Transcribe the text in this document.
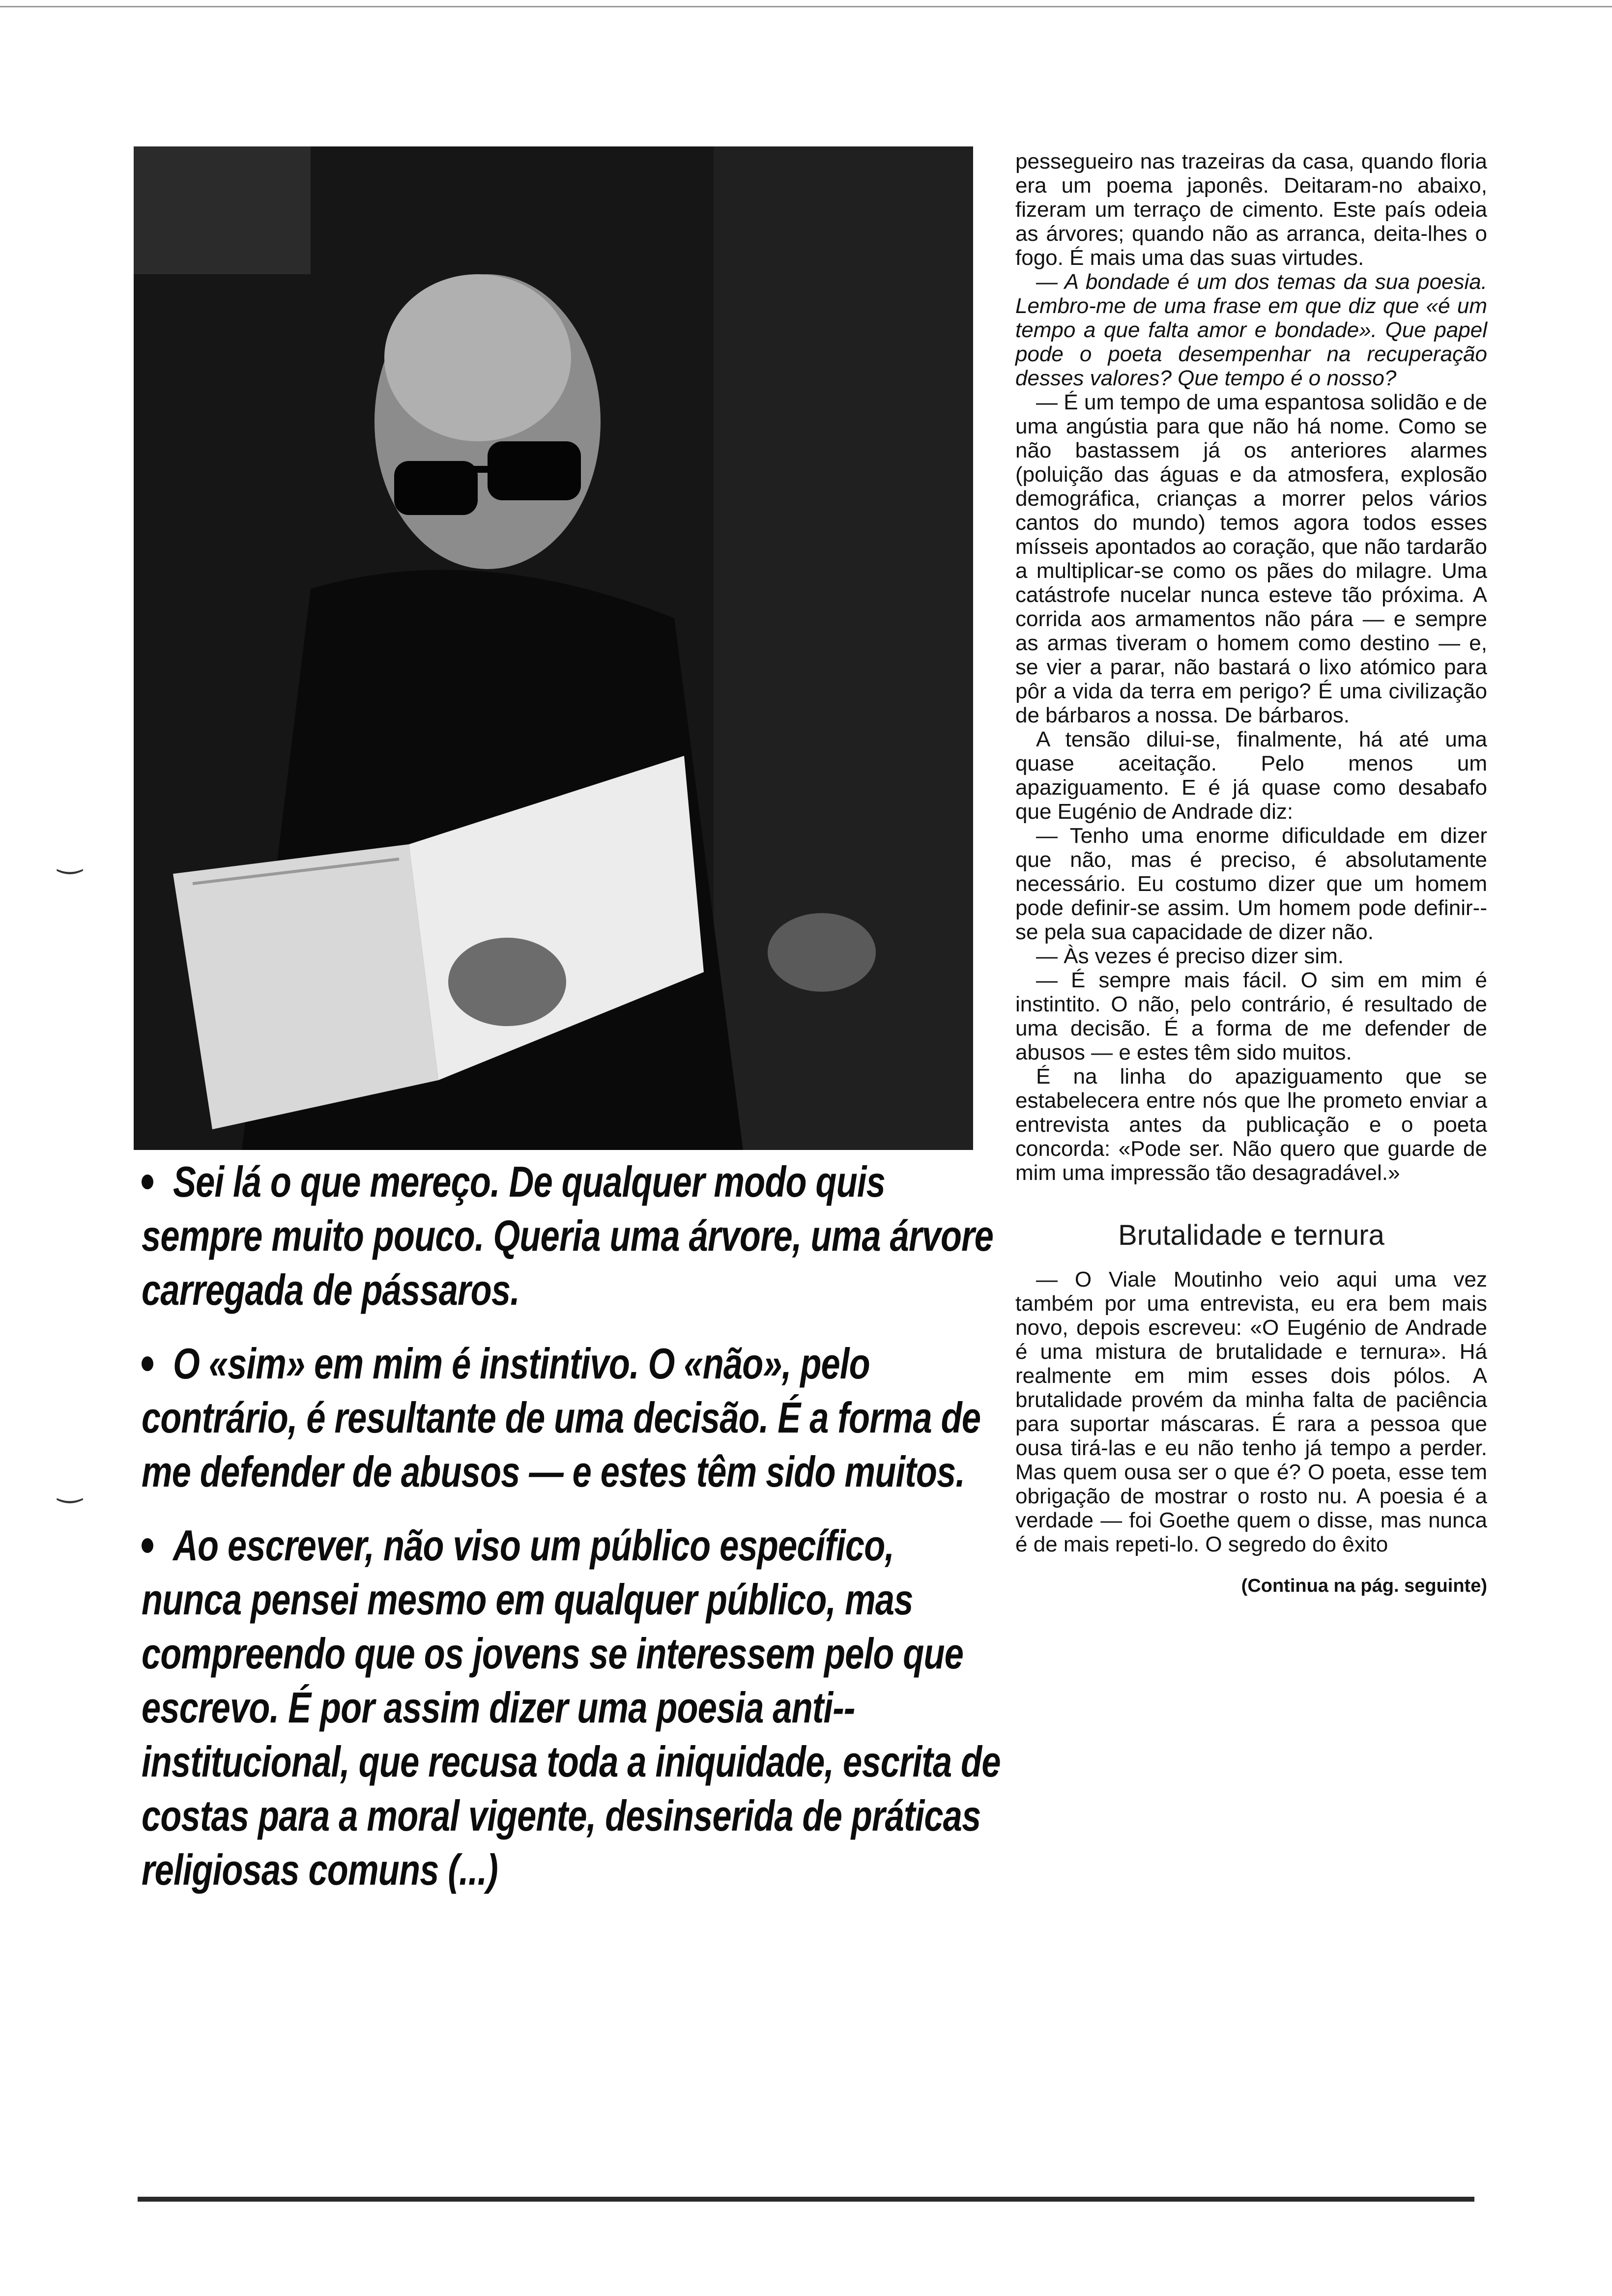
Sei lá o que mereço. De qualquer modo quis sempre muito pouco. Queria uma árvore, uma árvore carregada de pássaros.

O «sim» em mim é instintivo. O «não», pelo contrário, é resultante de uma decisão. É a forma de me defender de abusos — e estes têm sido muitos.

Ao escrever, não viso um público específico, nunca pensei mesmo em qualquer público, mas compreendo que os jovens se interessem pelo que escrevo. É por assim dizer uma poesia anti--institucional, que recusa toda a iniquidade, escrita de costas para a moral vigente, desinserida de práticas religiosas comuns (...)

pessegueiro nas trazeiras da casa, quando floria era um poema japonês. Deitaram-no abaixo, fizeram um terraço de cimento. Este país odeia as árvores; quando não as arranca, deita-lhes o fogo. É mais uma das suas virtudes.

— A bondade é um dos temas da sua poesia. Lembro-me de uma frase em que diz que «é um tempo a que falta amor e bondade». Que papel pode o poeta desempenhar na recuperação desses valores? Que tempo é o nosso?

— É um tempo de uma espantosa solidão e de uma angústia para que não há nome. Como se não bastassem já os anteriores alarmes (poluição das águas e da atmosfera, explosão demográfica, crianças a morrer pelos vários cantos do mundo) temos agora todos esses mísseis apontados ao coração, que não tardarão a multiplicar-se como os pães do milagre. Uma catástrofe nucelar nunca esteve tão próxima. A corrida aos armamentos não pára — e sempre as armas tiveram o homem como destino — e, se vier a parar, não bastará o lixo atómico para pôr a vida da terra em perigo? É uma civilização de bárbaros a nossa. De bárbaros.

A tensão dilui-se, finalmente, há até uma quase aceitação. Pelo menos um apaziguamento. E é já quase como desabafo que Eugénio de Andrade diz:

— Tenho uma enorme dificuldade em dizer que não, mas é preciso, é absolutamente necessário. Eu costumo dizer que um homem pode definir-se assim. Um homem pode definir--se pela sua capacidade de dizer não.

— Às vezes é preciso dizer sim.

— É sempre mais fácil. O sim em mim é instintito. O não, pelo contrário, é resultado de uma decisão. É a forma de me defender de abusos — e estes têm sido muitos.

É na linha do apaziguamento que se estabelecera entre nós que lhe prometo enviar a entrevista antes da publicação e o poeta concorda: «Pode ser. Não quero que guarde de mim uma impressão tão desagradável.»

Brutalidade e ternura

— O Viale Moutinho veio aqui uma vez também por uma entrevista, eu era bem mais novo, depois escreveu: «O Eugénio de Andrade é uma mistura de brutalidade e ternura». Há realmente em mim esses dois pólos. A brutalidade provém da minha falta de paciência para suportar máscaras. É rara a pessoa que ousa tirá-las e eu não tenho já tempo a perder. Mas quem ousa ser o que é? O poeta, esse tem obrigação de mostrar o rosto nu. A poesia é a verdade — foi Goethe quem o disse, mas nunca é de mais repeti-lo. O segredo do êxito

(Continua na pág. seguinte)
‿
‿
